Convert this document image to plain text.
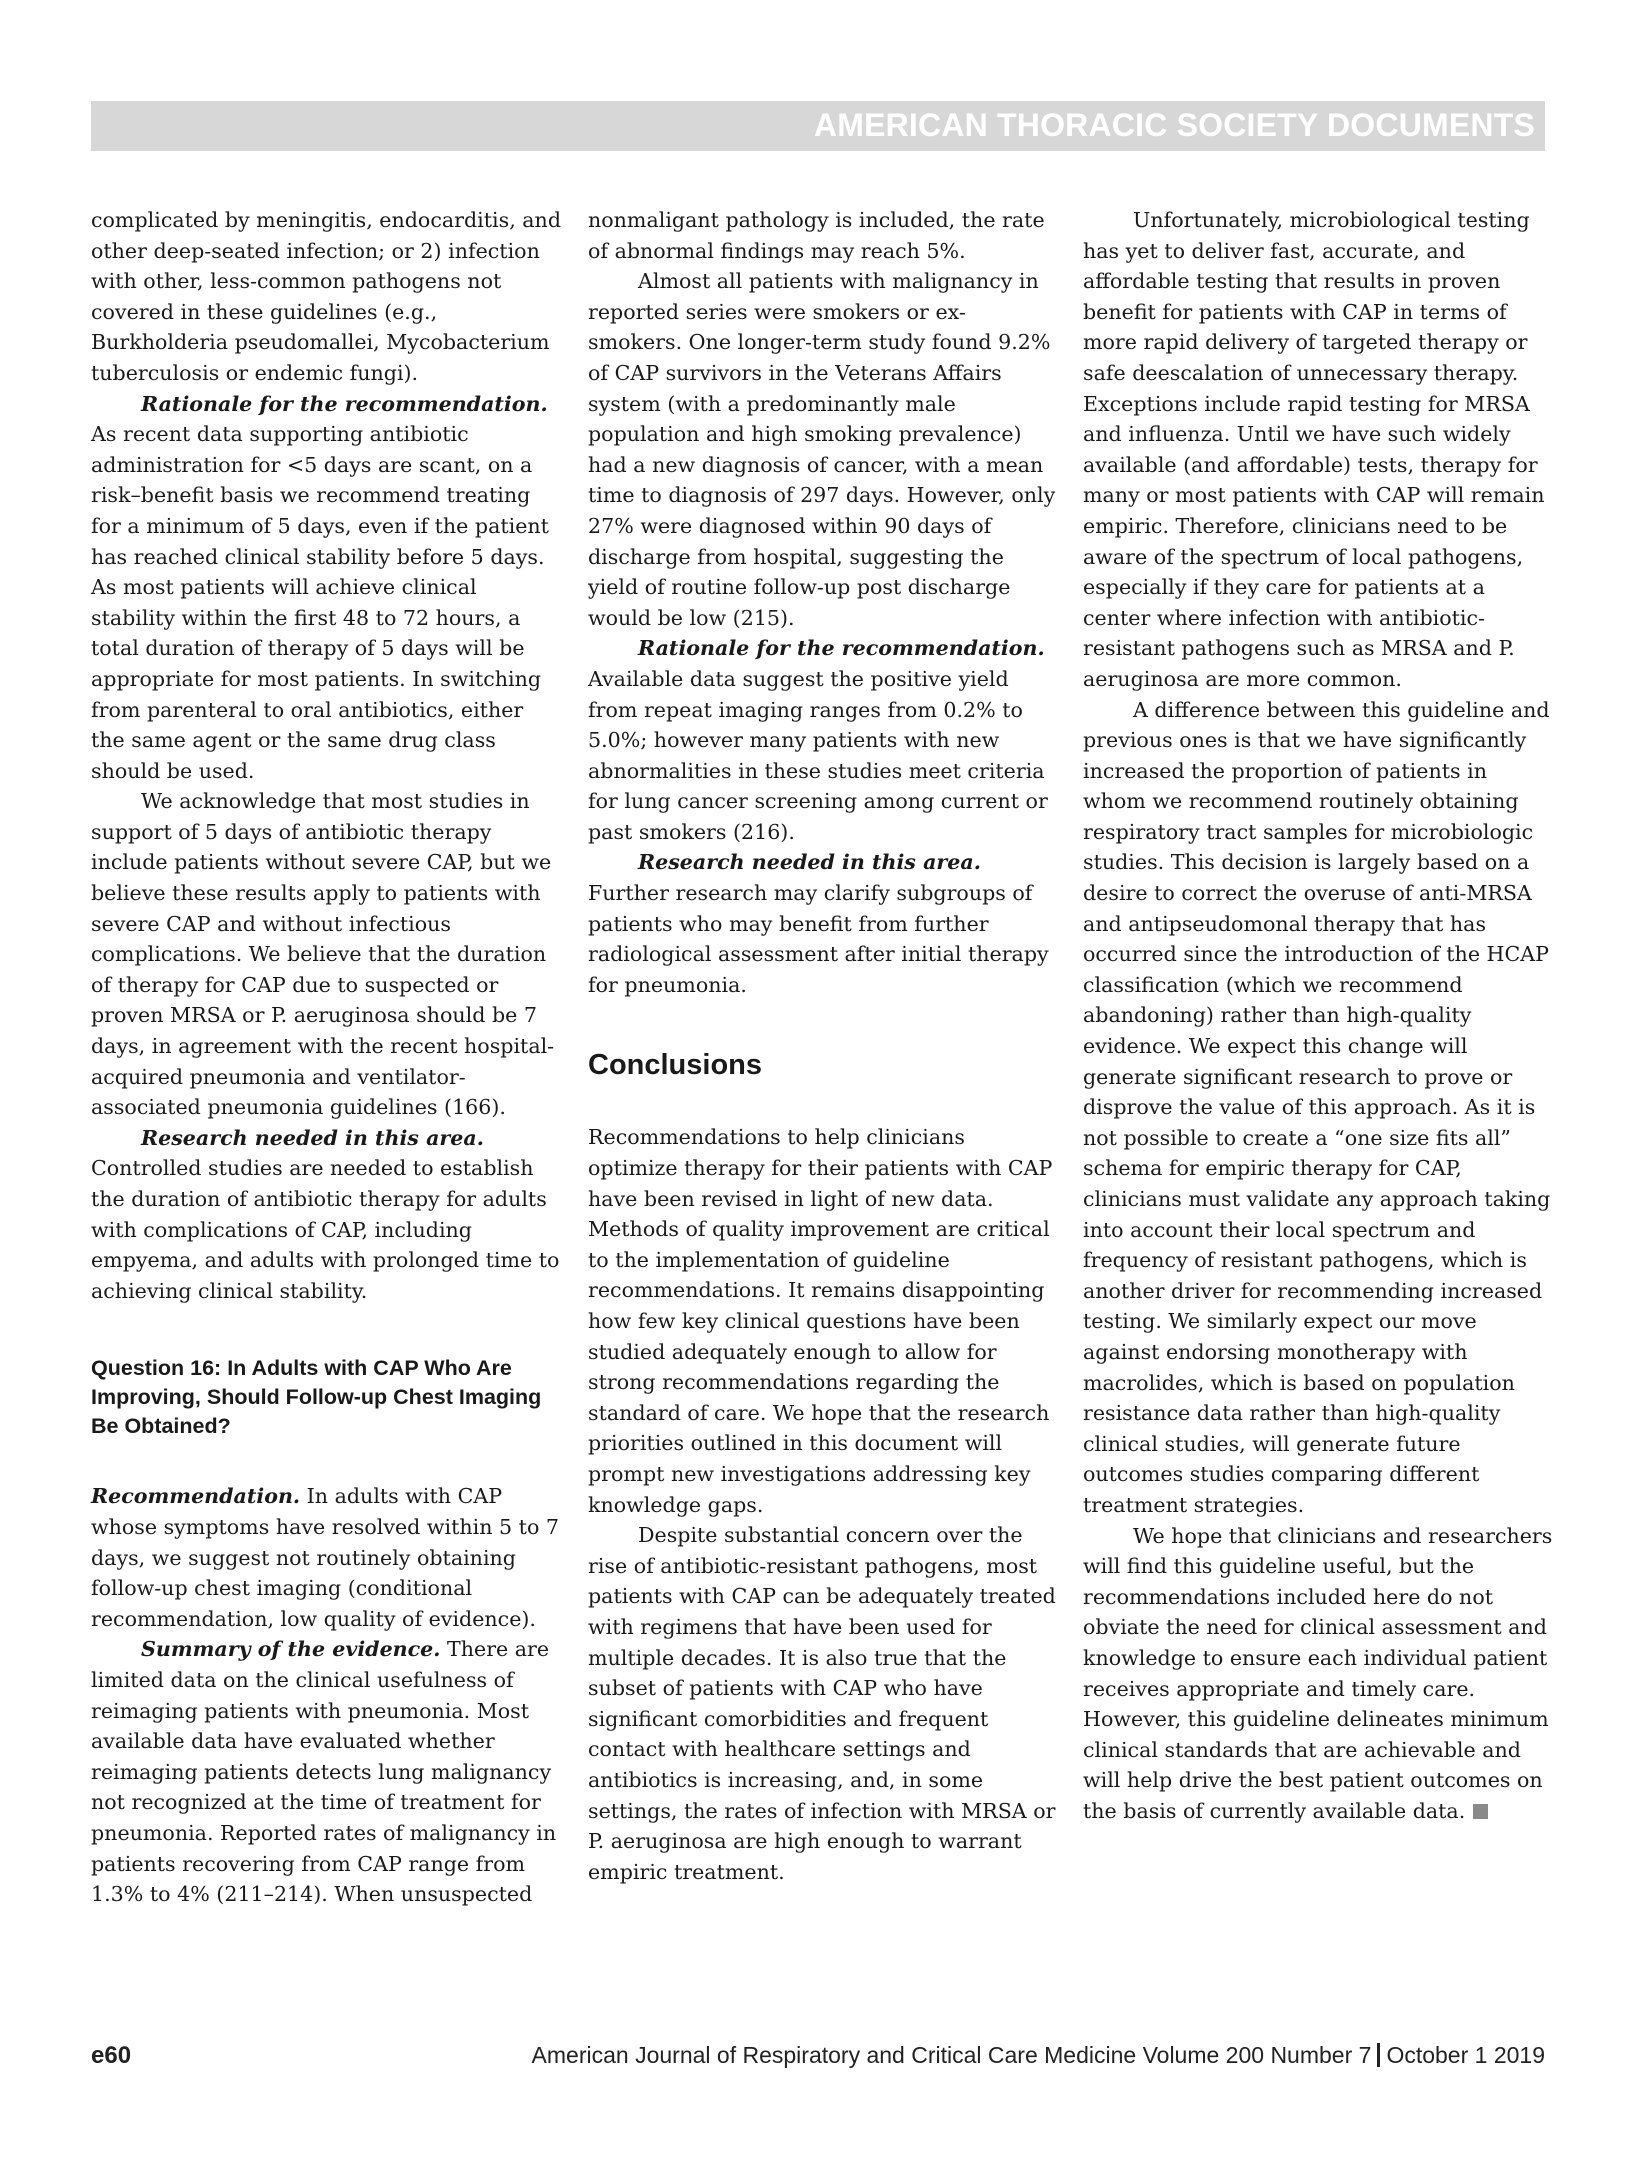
AMERICAN THORACIC SOCIETY DOCUMENTS

complicated by meningitis, endocarditis, and other deep-seated infection; or 2) infection with other, less-common pathogens not covered in these guidelines (e.g., Burkholderia pseudomallei, Mycobacterium tuberculosis or endemic fungi).

Rationale for the recommendation. As recent data supporting antibiotic administration for <5 days are scant, on a risk–benefit basis we recommend treating for a minimum of 5 days, even if the patient has reached clinical stability before 5 days. As most patients will achieve clinical stability within the first 48 to 72 hours, a total duration of therapy of 5 days will be appropriate for most patients. In switching from parenteral to oral antibiotics, either the same agent or the same drug class should be used.

We acknowledge that most studies in support of 5 days of antibiotic therapy include patients without severe CAP, but we believe these results apply to patients with severe CAP and without infectious complications. We believe that the duration of therapy for CAP due to suspected or proven MRSA or P. aeruginosa should be 7 days, in agreement with the recent hospital-acquired pneumonia and ventilator-associated pneumonia guidelines (166).

Research needed in this area. Controlled studies are needed to establish the duration of antibiotic therapy for adults with complications of CAP, including empyema, and adults with prolonged time to achieving clinical stability.

Question 16: In Adults with CAP Who Are Improving, Should Follow-up Chest Imaging Be Obtained?

Recommendation. In adults with CAP whose symptoms have resolved within 5 to 7 days, we suggest not routinely obtaining follow-up chest imaging (conditional recommendation, low quality of evidence).

Summary of the evidence. There are limited data on the clinical usefulness of reimaging patients with pneumonia. Most available data have evaluated whether reimaging patients detects lung malignancy not recognized at the time of treatment for pneumonia. Reported rates of malignancy in patients recovering from CAP range from 1.3% to 4% (211–214). When unsuspected

nonmaligant pathology is included, the rate of abnormal findings may reach 5%.

Almost all patients with malignancy in reported series were smokers or ex-smokers. One longer-term study found 9.2% of CAP survivors in the Veterans Affairs system (with a predominantly male population and high smoking prevalence) had a new diagnosis of cancer, with a mean time to diagnosis of 297 days. However, only 27% were diagnosed within 90 days of discharge from hospital, suggesting the yield of routine follow-up post discharge would be low (215).

Rationale for the recommendation. Available data suggest the positive yield from repeat imaging ranges from 0.2% to 5.0%; however many patients with new abnormalities in these studies meet criteria for lung cancer screening among current or past smokers (216).

Research needed in this area. Further research may clarify subgroups of patients who may benefit from further radiological assessment after initial therapy for pneumonia.

Conclusions

Recommendations to help clinicians optimize therapy for their patients with CAP have been revised in light of new data. Methods of quality improvement are critical to the implementation of guideline recommendations. It remains disappointing how few key clinical questions have been studied adequately enough to allow for strong recommendations regarding the standard of care. We hope that the research priorities outlined in this document will prompt new investigations addressing key knowledge gaps.

Despite substantial concern over the rise of antibiotic-resistant pathogens, most patients with CAP can be adequately treated with regimens that have been used for multiple decades. It is also true that the subset of patients with CAP who have significant comorbidities and frequent contact with healthcare settings and antibiotics is increasing, and, in some settings, the rates of infection with MRSA or P. aeruginosa are high enough to warrant empiric treatment.

Unfortunately, microbiological testing has yet to deliver fast, accurate, and affordable testing that results in proven benefit for patients with CAP in terms of more rapid delivery of targeted therapy or safe deescalation of unnecessary therapy. Exceptions include rapid testing for MRSA and influenza. Until we have such widely available (and affordable) tests, therapy for many or most patients with CAP will remain empiric. Therefore, clinicians need to be aware of the spectrum of local pathogens, especially if they care for patients at a center where infection with antibiotic-resistant pathogens such as MRSA and P. aeruginosa are more common.

A difference between this guideline and previous ones is that we have significantly increased the proportion of patients in whom we recommend routinely obtaining respiratory tract samples for microbiologic studies. This decision is largely based on a desire to correct the overuse of anti-MRSA and antipseudomonal therapy that has occurred since the introduction of the HCAP classification (which we recommend abandoning) rather than high-quality evidence. We expect this change will generate significant research to prove or disprove the value of this approach. As it is not possible to create a “one size fits all” schema for empiric therapy for CAP, clinicians must validate any approach taking into account their local spectrum and frequency of resistant pathogens, which is another driver for recommending increased testing. We similarly expect our move against endorsing monotherapy with macrolides, which is based on population resistance data rather than high-quality clinical studies, will generate future outcomes studies comparing different treatment strategies.

We hope that clinicians and researchers will find this guideline useful, but the recommendations included here do not obviate the need for clinical assessment and knowledge to ensure each individual patient receives appropriate and timely care. However, this guideline delineates minimum clinical standards that are achievable and will help drive the best patient outcomes on the basis of currently available data.

e60	American Journal of Respiratory and Critical Care Medicine Volume 200 Number 7 October 1 2019
